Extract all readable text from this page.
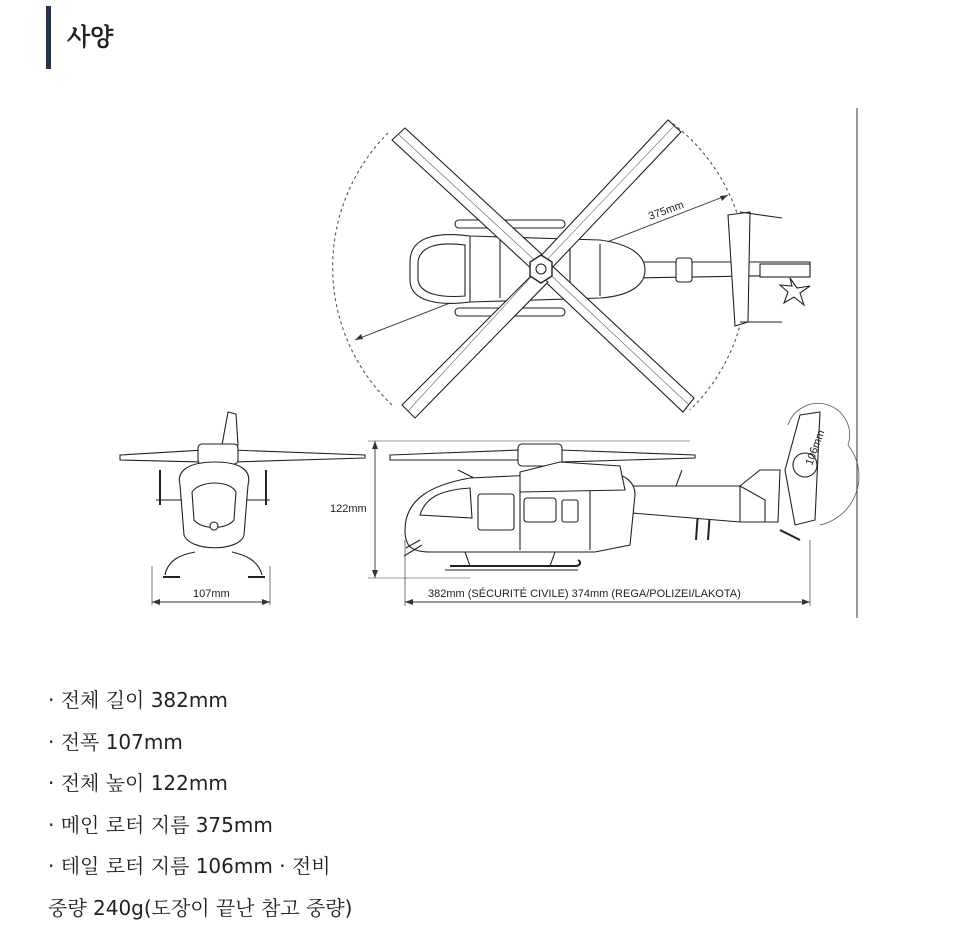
사양
375mm
107mm
122mm
382mm (SÉCURITÉ CIVILE) 374mm (REGA/POLIZEI/LAKOTA)
106mm
· 전체 길이 382mm
· 전폭 107mm
· 전체 높이 122mm
· 메인 로터 지름 375mm
· 테일 로터 지름 106mm · 전비
중량 240g(도장이 끝난 참고 중량)
